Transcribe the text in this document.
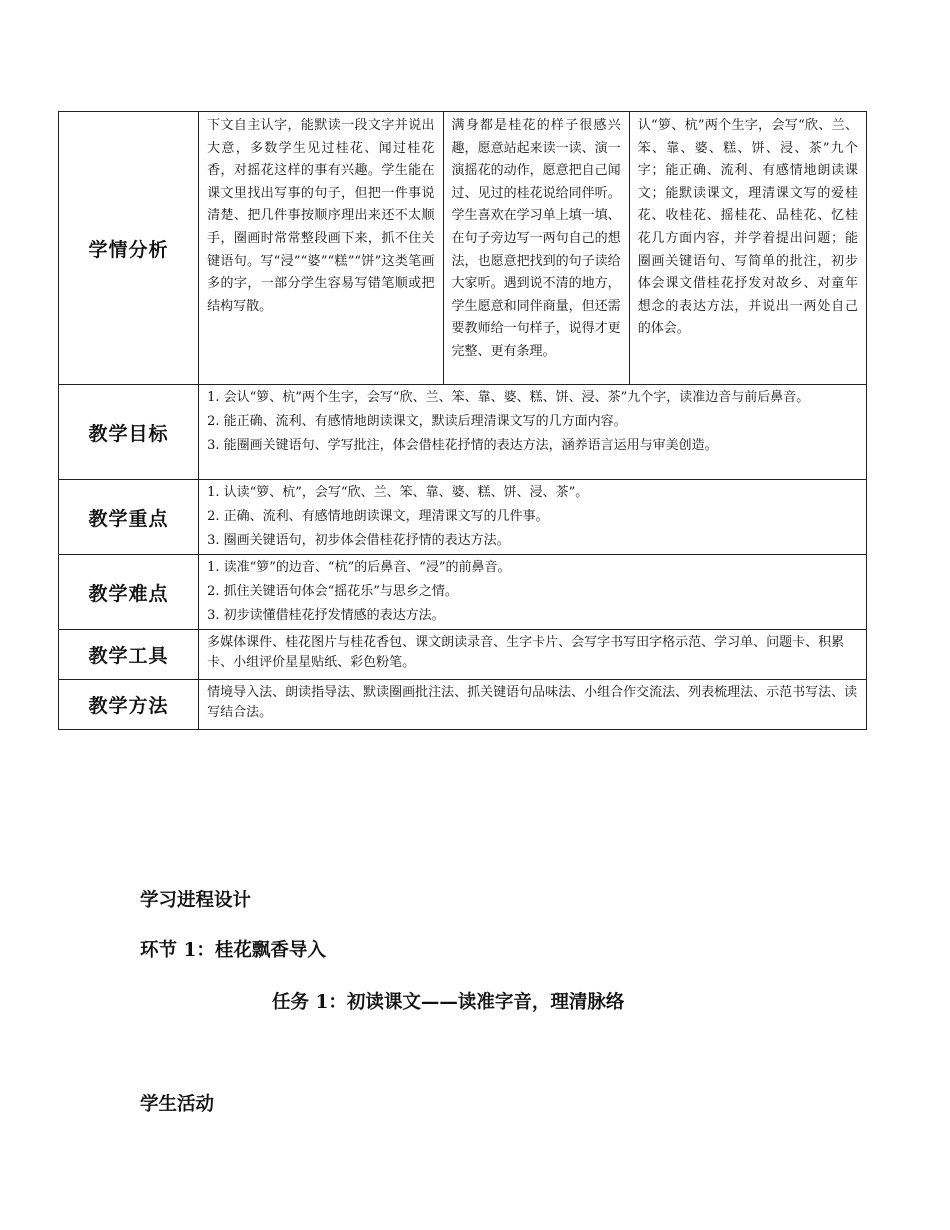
学情分析	下文自主认字，能默读一段文字并说出大意，多数学生见过桂花、闻过桂花香，对摇花这样的事有兴趣。学生能在课文里找出写事的句子，但把一件事说清楚、把几件事按顺序理出来还不太顺手，圈画时常常整段画下来，抓不住关键语句。写“浸”“婆”“糕”“饼”这类笔画多的字，一部分学生容易写错笔顺或把结构写散。	满身都是桂花的样子很感兴趣，愿意站起来读一读、演一演摇花的动作，愿意把自己闻过、见过的桂花说给同伴听。学生喜欢在学习单上填一填、在句子旁边写一两句自己的想法，也愿意把找到的句子读给大家听。遇到说不清的地方，学生愿意和同伴商量，但还需要教师给一句样子，说得才更完整、更有条理。	认“箩、杭”两个生字，会写“欣、兰、笨、靠、婆、糕、饼、浸、茶”九个字；能正确、流利、有感情地朗读课文；能默读课文，理清课文写的爱桂花、收桂花、摇桂花、品桂花、忆桂花几方面内容，并学着提出问题；能圈画关键语句、写简单的批注，初步体会课文借桂花抒发对故乡、对童年想念的表达方法，并说出一两处自己的体会。
教学目标	1. 会认“箩、杭”两个生字，会写“欣、兰、笨、靠、婆、糕、饼、浸、茶”九个字，读准边音与前后鼻音。
2. 能正确、流利、有感情地朗读课文，默读后理清课文写的几方面内容。
3. 能圈画关键语句、学写批注，体会借桂花抒情的表达方法，涵养语言运用与审美创造。		

教学重点	1. 认读“箩、杭”，会写“欣、兰、笨、靠、婆、糕、饼、浸、茶”。
2. 正确、流利、有感情地朗读课文，理清课文写的几件事。
3. 圈画关键语句，初步体会借桂花抒情的表达方法。		

教学难点	1. 读准“箩”的边音、“杭”的后鼻音、“浸”的前鼻音。
2. 抓住关键语句体会“摇花乐”与思乡之情。
3. 初步读懂借桂花抒发情感的表达方法。		

教学工具	多媒体课件、桂花图片与桂花香包、课文朗读录音、生字卡片、会写字书写田字格示范、学习单、问题卡、积累卡、小组评价星星贴纸、彩色粉笔。		
教学方法	情境导入法、朗读指导法、默读圈画批注法、抓关键语句品味法、小组合作交流法、列表梳理法、示范书写法、读写结合法。		
学习进程设计
环节 1：桂花飘香导入
任务 1：初读课文——读准字音，理清脉络
学生活动
